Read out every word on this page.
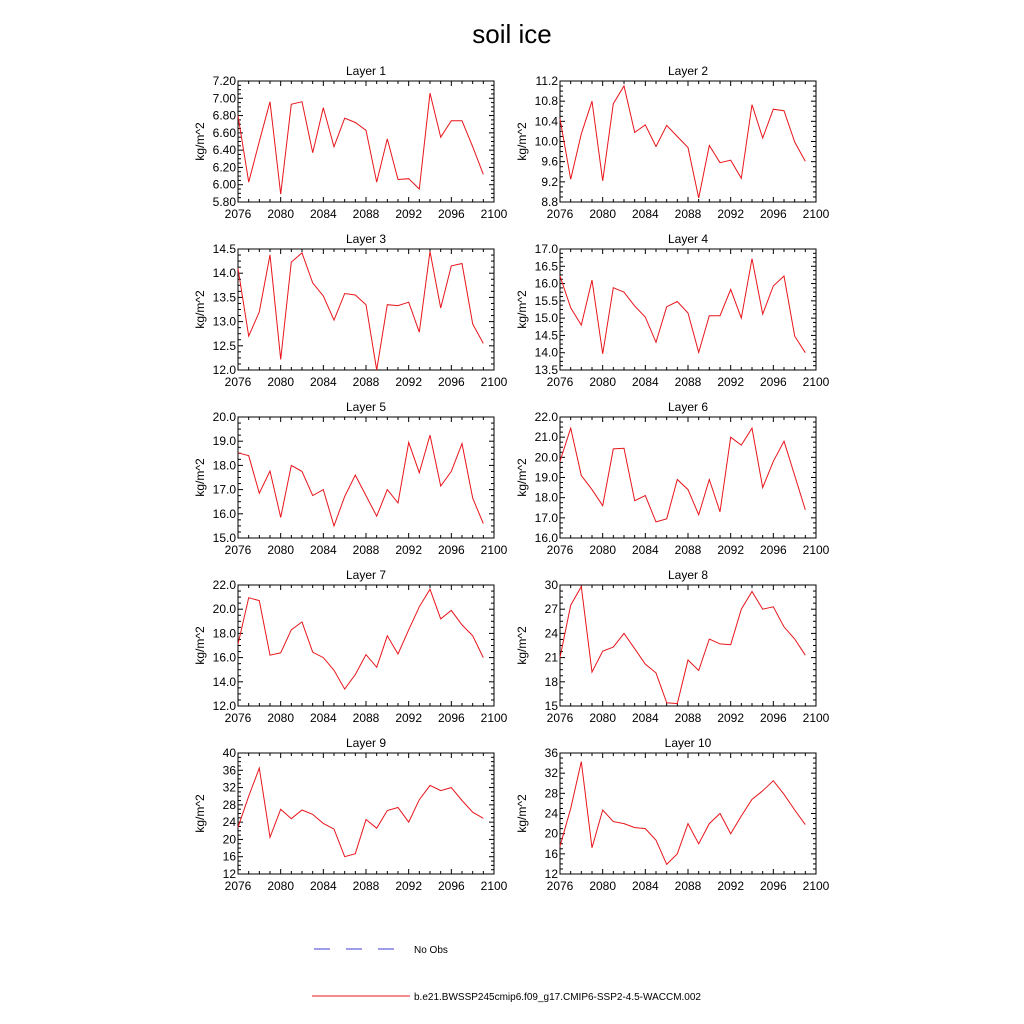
soil ice
Layer 1
2076 2080 2084 2088 2092 2096 2100
5.80
6.00
6.20
6.40
6.60
6.80
7.00
7.20
kg/m^2
Layer 2
2076 2080 2084 2088 2092 2096 2100
8.8
9.2
9.6
10.0
10.4
10.8
11.2
kg/m^2
Layer 3
2076 2080 2084 2088 2092 2096 2100
12.0
12.5
13.0
13.5
14.0
14.5
kg/m^2
Layer 4
2076 2080 2084 2088 2092 2096 2100
13.5
14.0
14.5
15.0
15.5
16.0
16.5
17.0
kg/m^2
Layer 5
2076 2080 2084 2088 2092 2096 2100
15.0
16.0
17.0
18.0
19.0
20.0
kg/m^2
Layer 6
2076 2080 2084 2088 2092 2096 2100
16.0
17.0
18.0
19.0
20.0
21.0
22.0
kg/m^2
Layer 7
2076 2080 2084 2088 2092 2096 2100
12.0
14.0
16.0
18.0
20.0
22.0
kg/m^2
Layer 8
2076 2080 2084 2088 2092 2096 2100
15
18
21
24
27
30
kg/m^2
Layer 9
2076 2080 2084 2088 2092 2096 2100
12
16
20
24
28
32
36
40
kg/m^2
Layer 10
2076 2080 2084 2088 2092 2096 2100
12
16
20
24
28
32
36
kg/m^2
No Obs
b.e21.BWSSP245cmip6.f09_g17.CMIP6-SSP2-4.5-WACCM.002
